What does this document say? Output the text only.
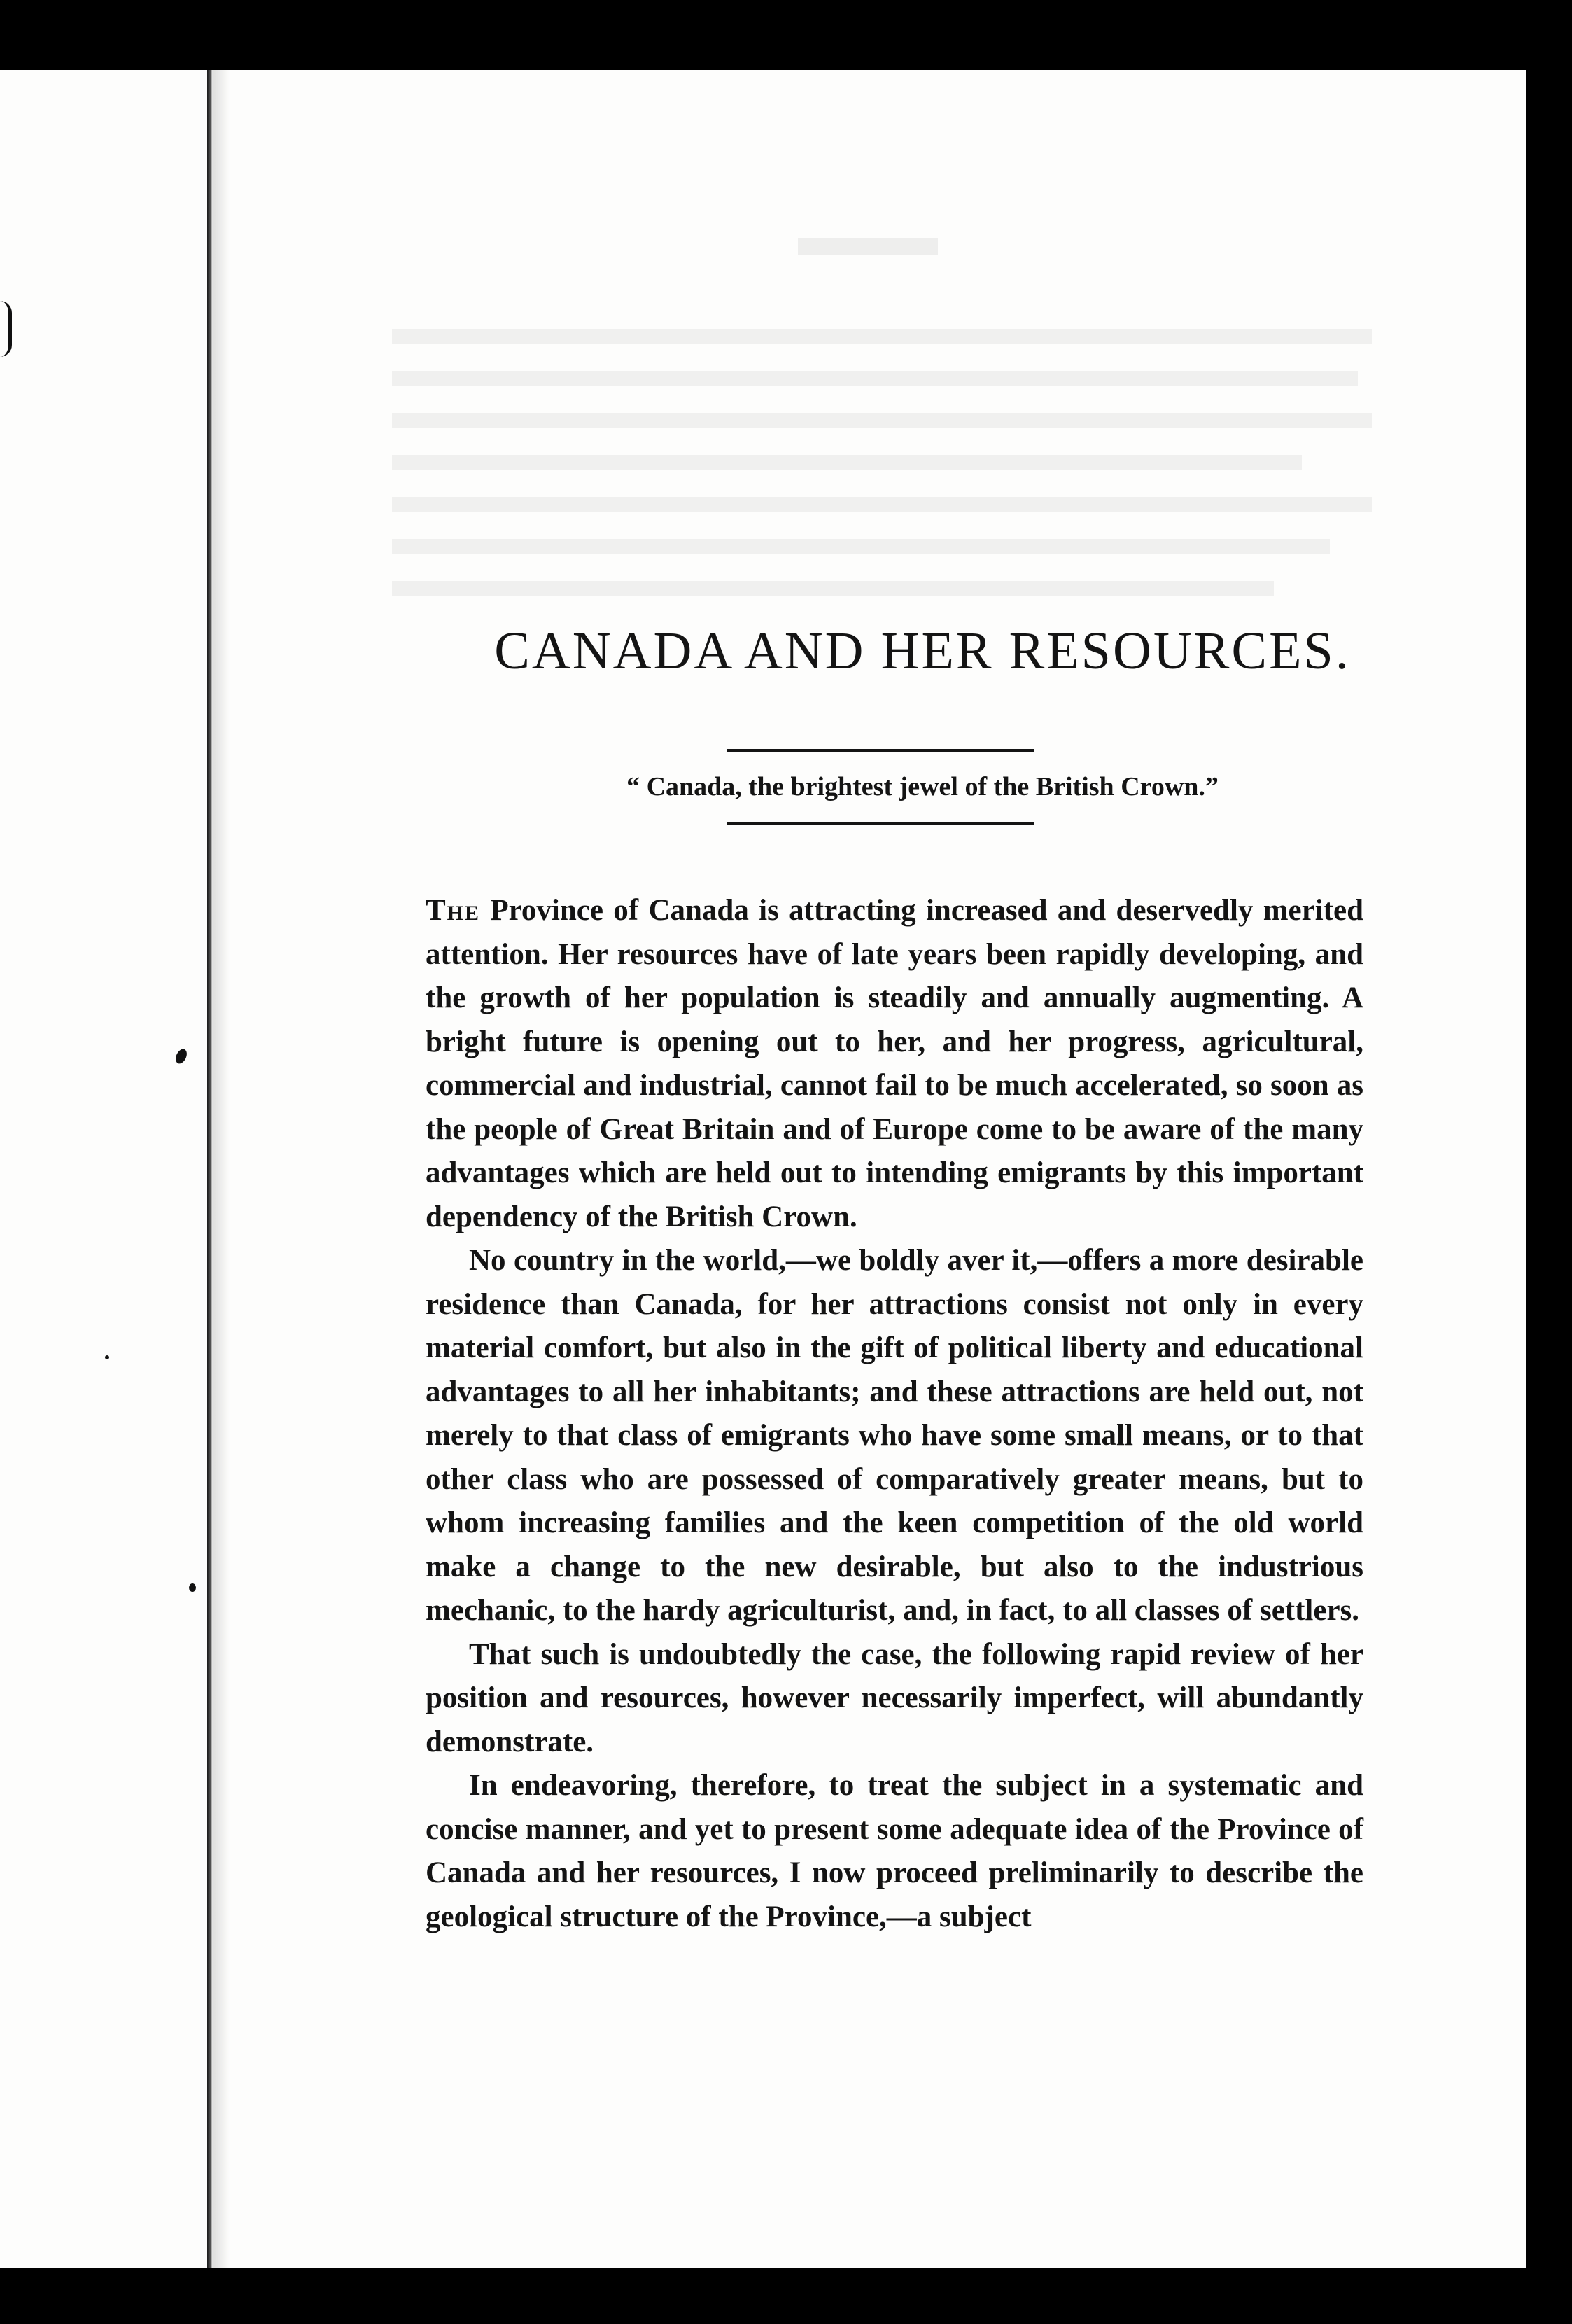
CANADA AND HER RESOURCES.
“ Canada, the brightest jewel of the British Crown.”

The Province of Canada is attracting increased and deservedly merited attention. Her resources have of late years been rapidly developing, and the growth of her population is steadily and annually augmenting. A bright future is opening out to her, and her progress, agricultural, commercial and industrial, cannot fail to be much accelerated, so soon as the people of Great Britain and of Europe come to be aware of the many advantages which are held out to intending emigrants by this important dependency of the British Crown.

No country in the world,—we boldly aver it,—offers a more desirable residence than Canada, for her attractions consist not only in every material comfort, but also in the gift of political liberty and educational advantages to all her inhabitants; and these attractions are held out, not merely to that class of emigrants who have some small means, or to that other class who are possessed of comparatively greater means, but to whom increasing families and the keen competition of the old world make a change to the new desirable, but also to the industrious mechanic, to the hardy agriculturist, and, in fact, to all classes of settlers.

That such is undoubtedly the case, the following rapid review of her position and resources, however necessarily imperfect, will abundantly demonstrate.

In endeavoring, therefore, to treat the subject in a systematic and concise manner, and yet to present some adequate idea of the Province of Canada and her resources, I now proceed preliminarily to describe the geological structure of the Province,—a subject
